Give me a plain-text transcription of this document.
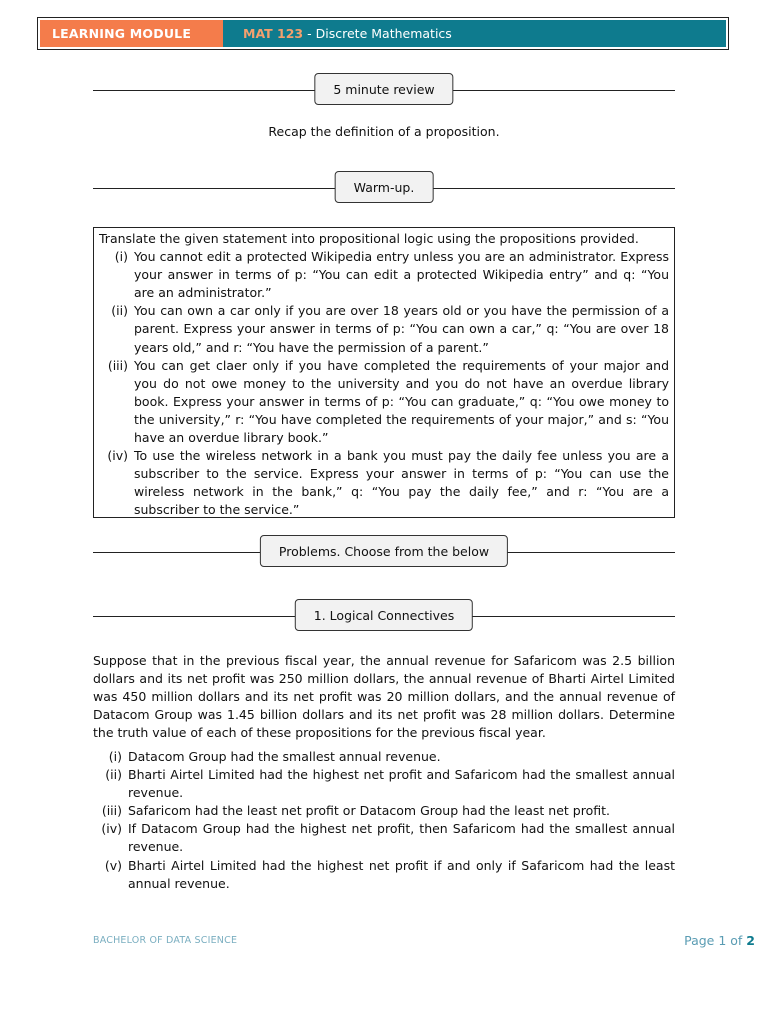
LEARNING MODULE	MAT 123 - Discrete Mathematics
5 minute review
Recap the definition of a proposition.
Warm-up.
Translate the given statement into propositional logic using the propositions provided.
(i) You cannot edit a protected Wikipedia entry unless you are an administrator. Express your answer in terms of p: “You can edit a protected Wikipedia entry” and q: “You are an administrator.”
(ii) You can own a car only if you are over 18 years old or you have the permission of a parent. Express your answer in terms of p: “You can own a car,” q: “You are over 18 years old,” and r: “You have the permission of a parent.”
(iii) You can get claer only if you have completed the requirements of your major and you do not owe money to the university and you do not have an overdue library book. Express your answer in terms of p: “You can graduate,” q: “You owe money to the university,” r: “You have completed the requirements of your major,” and s: “You have an overdue library book.”
(iv) To use the wireless network in a bank you must pay the daily fee unless you are a subscriber to the service. Express your answer in terms of p: “You can use the wireless network in the bank,” q: “You pay the daily fee,” and r: “You are a subscriber to the service.”
Problems. Choose from the below
1. Logical Connectives
Suppose that in the previous fiscal year, the annual revenue for Safaricom was 2.5 billion dollars and its net profit was 250 million dollars, the annual revenue of Bharti Airtel Limited was 450 million dollars and its net profit was 20 million dollars, and the annual revenue of Datacom Group was 1.45 billion dollars and its net profit was 28 million dollars. Determine the truth value of each of these propositions for the previous fiscal year.
(i) Datacom Group had the smallest annual revenue.
(ii) Bharti Airtel Limited had the highest net profit and Safaricom had the smallest annual revenue.
(iii) Safaricom had the least net profit or Datacom Group had the least net profit.
(iv) If Datacom Group had the highest net profit, then Safaricom had the smallest annual revenue.
(v) Bharti Airtel Limited had the highest net profit if and only if Safaricom had the least annual revenue.
BACHELOR OF DATA SCIENCE	Page 1 of 2
